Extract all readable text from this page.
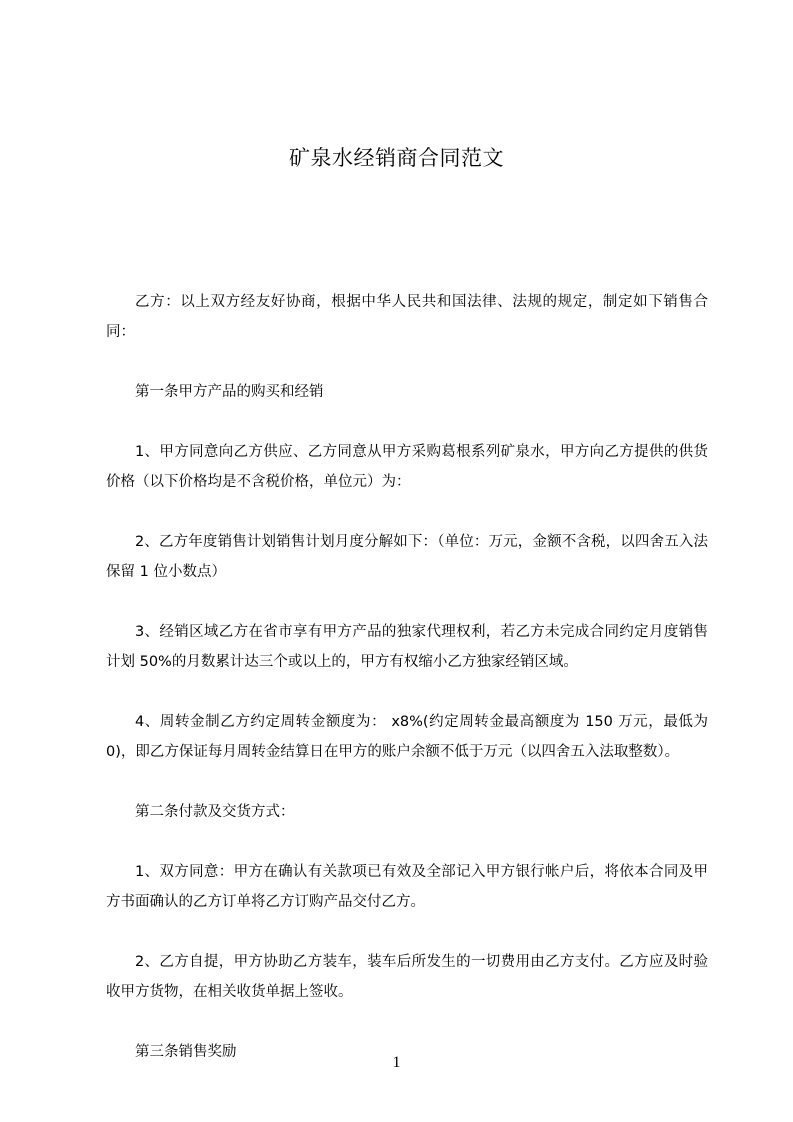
矿泉水经销商合同范文

乙方：以上双方经友好协商，根据中华人民共和国法律、法规的规定，制定如下销售合同：

第一条甲方产品的购买和经销

1、甲方同意向乙方供应、乙方同意从甲方采购葛根系列矿泉水，甲方向乙方提供的供货价格（以下价格均是不含税价格，单位元）为：

2、乙方年度销售计划销售计划月度分解如下：（单位：万元，金额不含税，以四舍五入法保留 1 位小数点）

3、经销区域乙方在省市享有甲方产品的独家代理权利，若乙方未完成合同约定月度销售计划 50%的月数累计达三个或以上的，甲方有权缩小乙方独家经销区域。

4、周转金制乙方约定周转金额度为： x8%(约定周转金最高额度为 150 万元，最低为 0)，即乙方保证每月周转金结算日在甲方的账户余额不低于万元（以四舍五入法取整数）。

第二条付款及交货方式：

1、双方同意：甲方在确认有关款项已有效及全部记入甲方银行帐户后，将依本合同及甲方书面确认的乙方订单将乙方订购产品交付乙方。

2、乙方自提，甲方协助乙方装车，装车后所发生的一切费用由乙方支付。乙方应及时验收甲方货物，在相关收货单据上签收。

第三条销售奖励

1
